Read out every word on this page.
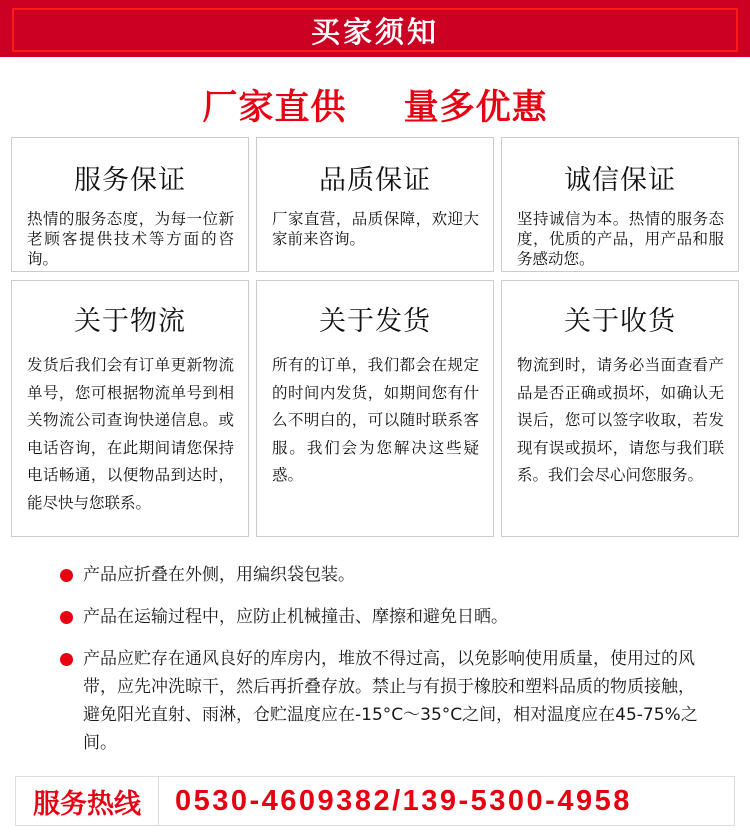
买家须知
厂家直供 量多优惠
服务保证
热情的服务态度，为每一位新老顾客提供技术等方面的咨询。
品质保证
厂家直营，品质保障，欢迎大家前来咨询。
诚信保证
坚持诚信为本。热情的服务态度，优质的产品，用产品和服务感动您。
关于物流
发货后我们会有订单更新物流单号，您可根据物流单号到相关物流公司查询快递信息。或电话咨询，在此期间请您保持电话畅通，以便物品到达时，能尽快与您联系。
关于发货
所有的订单，我们都会在规定的时间内发货，如期间您有什么不明白的，可以随时联系客服。我们会为您解决这些疑惑。
关于收货
物流到时，请务必当面查看产品是否正确或损坏，如确认无误后，您可以签字收取，若发现有误或损坏，请您与我们联系。我们会尽心问您服务。
产品应折叠在外侧，用编织袋包装。
产品在运输过程中，应防止机械撞击、摩擦和避免日晒。
产品应贮存在通风良好的库房内，堆放不得过高，以免影响使用质量，使用过的风带，应先冲洗晾干，然后再折叠存放。禁止与有损于橡胶和塑料品质的物质接触，避免阳光直射、雨淋，仓贮温度应在-15°C～35°C之间，相对温度应在45-75%之间。
服务热线	0530-4609382/139-5300-4958
